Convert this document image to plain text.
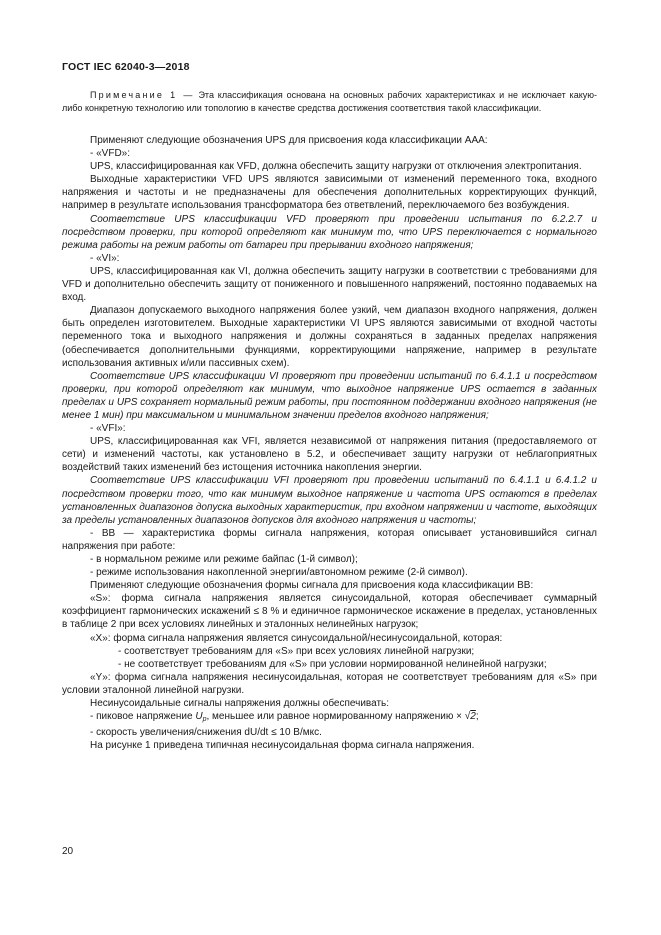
ГОСТ IEC 62040-3—2018
Примечание 1 — Эта классификация основана на основных рабочих характеристиках и не исключает какую-либо конкретную технологию или топологию в качестве средства достижения соответствия такой классификации.

Применяют следующие обозначения UPS для присвоения кода классификации ААА:

- «VFD»:

UPS, классифицированная как VFD, должна обеспечить защиту нагрузки от отключения электропитания.

Выходные характеристики VFD UPS являются зависимыми от изменений переменного тока, входного напряжения и частоты и не предназначены для обеспечения дополнительных корректирующих функций, например в результате использования трансформатора без ответвлений, переключаемого без возбуждения.

Соответствие UPS классификации VFD проверяют при проведении испытания по 6.2.2.7 и посредством проверки, при которой определяют как минимум то, что UPS переключается с нормального режима работы на режим работы от батареи при прерывании входного напряжения;

- «VI»:

UPS, классифицированная как VI, должна обеспечить защиту нагрузки в соответствии с требованиями для VFD и дополнительно обеспечить защиту от пониженного и повышенного напряжений, постоянно подаваемых на вход.

Диапазон допускаемого выходного напряжения более узкий, чем диапазон входного напряжения, должен быть определен изготовителем. Выходные характеристики VI UPS являются зависимыми от входной частоты переменного тока и выходного напряжения и должны сохраняться в заданных пределах напряжения (обеспечивается дополнительными функциями, корректирующими напряжение, например в результате использования активных и/или пассивных схем).

Соответствие UPS классификации VI проверяют при проведении испытаний по 6.4.1.1 и посредством проверки, при которой определяют как минимум, что выходное напряжение UPS остается в заданных пределах и UPS сохраняет нормальный режим работы, при постоянном поддержании входного напряжения (не менее 1 мин) при максимальном и минимальном значении пределов входного напряжения;

- «VFI»:

UPS, классифицированная как VFI, является независимой от напряжения питания (предоставляемого от сети) и изменений частоты, как установлено в 5.2, и обеспечивает защиту нагрузки от неблагоприятных воздействий таких изменений без истощения источника накопления энергии.

Соответствие UPS классификации VFI проверяют при проведении испытаний по 6.4.1.1 и 6.4.1.2 и посредством проверки того, что как минимум выходное напряжение и частота UPS остаются в пределах установленных диапазонов допуска выходных характеристик, при входном напряжении и частоте, выходящих за пределы установленных диапазонов допусков для входного напряжения и частоты;

- ВВ — характеристика формы сигнала напряжения, которая описывает установившийся сигнал напряжения при работе:

- в нормальном режиме или режиме байпас (1-й символ);

- режиме использования накопленной энергии/автономном режиме (2-й символ).

Применяют следующие обозначения формы сигнала для присвоения кода классификации ВВ:

«S»: форма сигнала напряжения является синусоидальной, которая обеспечивает суммарный коэффициент гармонических искажений ≤ 8 % и единичное гармоническое искажение в пределах, установленных в таблице 2 при всех условиях линейных и эталонных нелинейных нагрузок;

«X»: форма сигнала напряжения является синусоидальной/несинусоидальной, которая:

- соответствует требованиям для «S» при всех условиях линейной нагрузки;

- не соответствует требованиям для «S» при условии нормированной нелинейной нагрузки;

«Y»: форма сигнала напряжения несинусоидальная, которая не соответствует требованиям для «S» при условии эталонной линейной нагрузки.

Несинусоидальные сигналы напряжения должны обеспечивать:

- пиковое напряжение $U_p$, меньшее или равное нормированному напряжению × √2;

- скорость увеличения/снижения dU/dt ≤ 10 В/мкс.

На рисунке 1 приведена типичная несинусоидальная форма сигнала напряжения.

20
